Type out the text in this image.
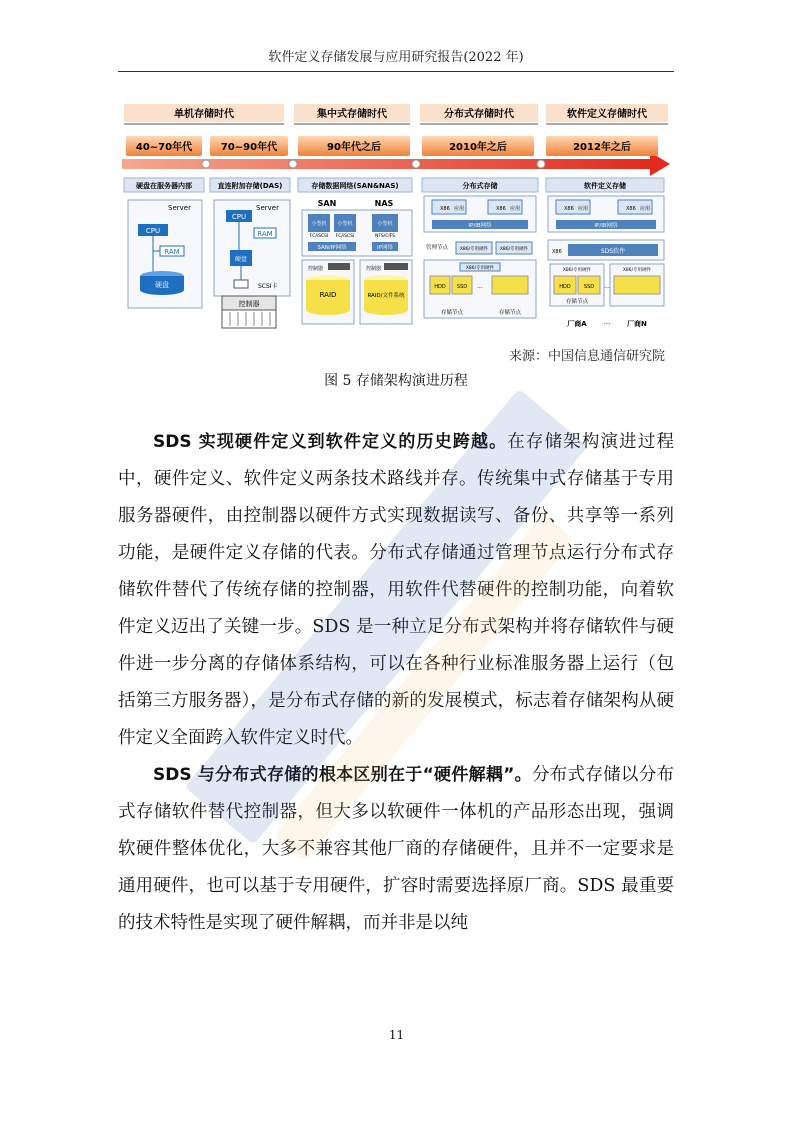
软件定义存储发展与应用研究报告(2022 年)
单机存储时代	集中式存储时代	分布式存储时代	软件定义存储时代
40~70年代	70~90年代	90年代之后	2010年之后	2012年之后
硬盘在服务器内部	直连附加存储(DAS)	存储数据网络(SAN&NAS)	分布式存储	软件定义存储
Server
CPU
RAM
硬盘
Server
CPU
RAM
硬盘
SCSI卡
控制器
SAN	NAS
小型机 小型机	小型机
FC/iSCSI FC/iSCSI	NFS/CIFS
SAN/IP网络	IP网络
控制器
RAID
控制器
RAID/文件系统
X86 应用	X86 应用
IP/IB网络
管理节点	X86/专用硬件	X86/专用硬件
X86/专用硬件
HDD SSD ···
存储节点	存储节点
X86 应用	X86 应用
IP/IB网络
X86	SDS软件
X86/专用硬件	X86/专用硬件
HDD	SSD ···
存储节点
厂商A ··· 厂商N
来源：中国信息通信研究院
图 5 存储架构演进历程

SDS 实现硬件定义到软件定义的历史跨越。在存储架构演进过程中，硬件定义、软件定义两条技术路线并存。传统集中式存储基于专用服务器硬件，由控制器以硬件方式实现数据读写、备份、共享等一系列功能，是硬件定义存储的代表。分布式存储通过管理节点运行分布式存储软件替代了传统存储的控制器，用软件代替硬件的控制功能，向着软件定义迈出了关键一步。SDS 是一种立足分布式架构并将存储软件与硬件进一步分离的存储体系结构，可以在各种行业标准服务器上运行（包括第三方服务器），是分布式存储的新的发展模式，标志着存储架构从硬件定义全面跨入软件定义时代。

SDS 与分布式存储的根本区别在于“硬件解耦”。分布式存储以分布式存储软件替代控制器，但大多以软硬件一体机的产品形态出现，强调软硬件整体优化，大多不兼容其他厂商的存储硬件，且并不一定要求是通用硬件，也可以基于专用硬件，扩容时需要选择原厂商。SDS 最重要的技术特性是实现了硬件解耦，而并非是以纯

11
